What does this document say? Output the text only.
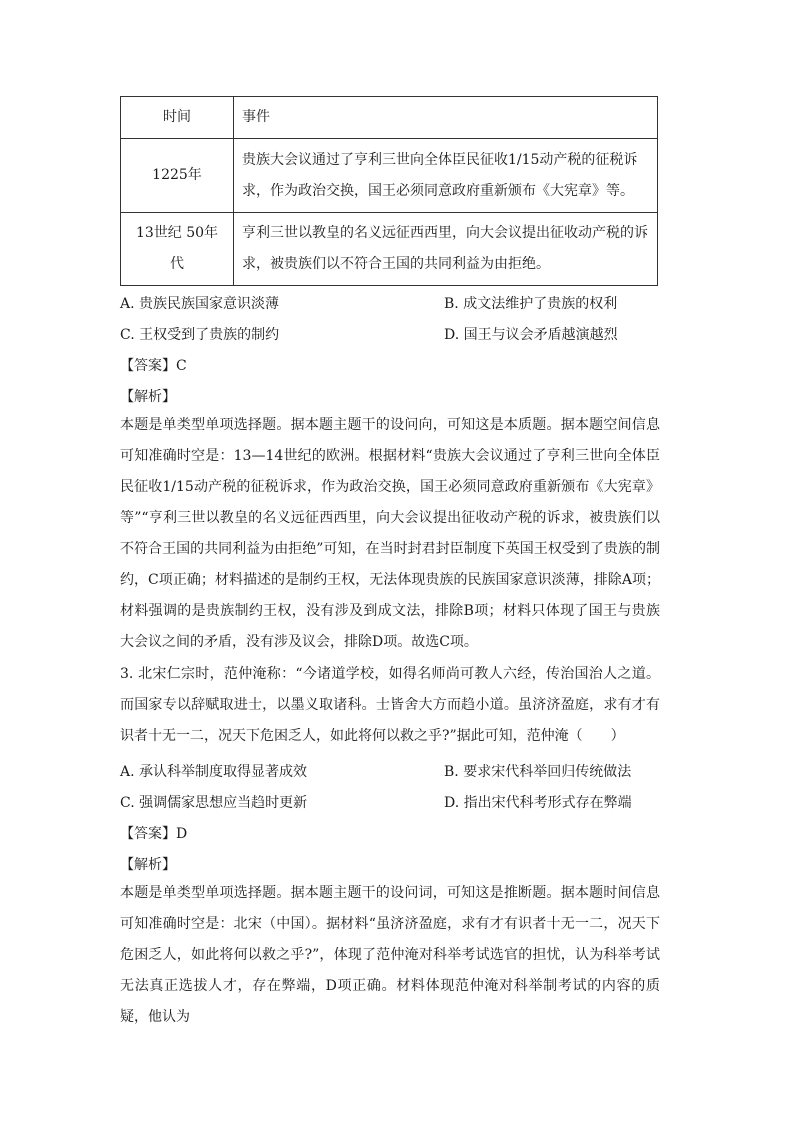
时间	事件
1225年	贵族大会议通过了亨利三世向全体臣民征收1/15动产税的征税诉求，作为政治交换，国王必须同意政府重新颁布《大宪章》等。
13世纪 50年代	亨利三世以教皇的名义远征西西里，向大会议提出征收动产税的诉求，被贵族们以不符合王国的共同利益为由拒绝。
A. 贵族民族国家意识淡薄	B. 成文法维护了贵族的权利
C. 王权受到了贵族的制约	D. 国王与议会矛盾越演越烈
【答案】C
【解析】

本题是单类型单项选择题。据本题主题干的设问向，可知这是本质题。据本题空间信息可知准确时空是：13—14世纪的欧洲。根据材料“贵族大会议通过了亨利三世向全体臣民征收1/15动产税的征税诉求，作为政治交换，国王必须同意政府重新颁布《大宪章》等”“亨利三世以教皇的名义远征西西里，向大会议提出征收动产税的诉求，被贵族们以不符合王国的共同利益为由拒绝”可知，在当时封君封臣制度下英国王权受到了贵族的制约，C项正确；材料描述的是制约王权，无法体现贵族的民族国家意识淡薄，排除A项；材料强调的是贵族制约王权，没有涉及到成文法，排除B项；材料只体现了国王与贵族大会议之间的矛盾，没有涉及议会，排除D项。故选C项。

3. 北宋仁宗时，范仲淹称：“今诸道学校，如得名师尚可教人六经，传治国治人之道。而国家专以辞赋取进士，以墨义取诸科。士皆舍大方而趋小道。虽济济盈庭，求有才有识者十无一二，况天下危困乏人，如此将何以救之乎?”据此可知，范仲淹（　　）

A. 承认科举制度取得显著成效	B. 要求宋代科举回归传统做法
C. 强调儒家思想应当趋时更新	D. 指出宋代科考形式存在弊端
【答案】D
【解析】

本题是单类型单项选择题。据本题主题干的设问词，可知这是推断题。据本题时间信息可知准确时空是：北宋（中国）。据材料“虽济济盈庭，求有才有识者十无一二，况天下危困乏人，如此将何以救之乎?”，体现了范仲淹对科举考试选官的担忧，认为科举考试无法真正选拔人才，存在弊端，D项正确。材料体现范仲淹对科举制考试的内容的质疑，他认为
